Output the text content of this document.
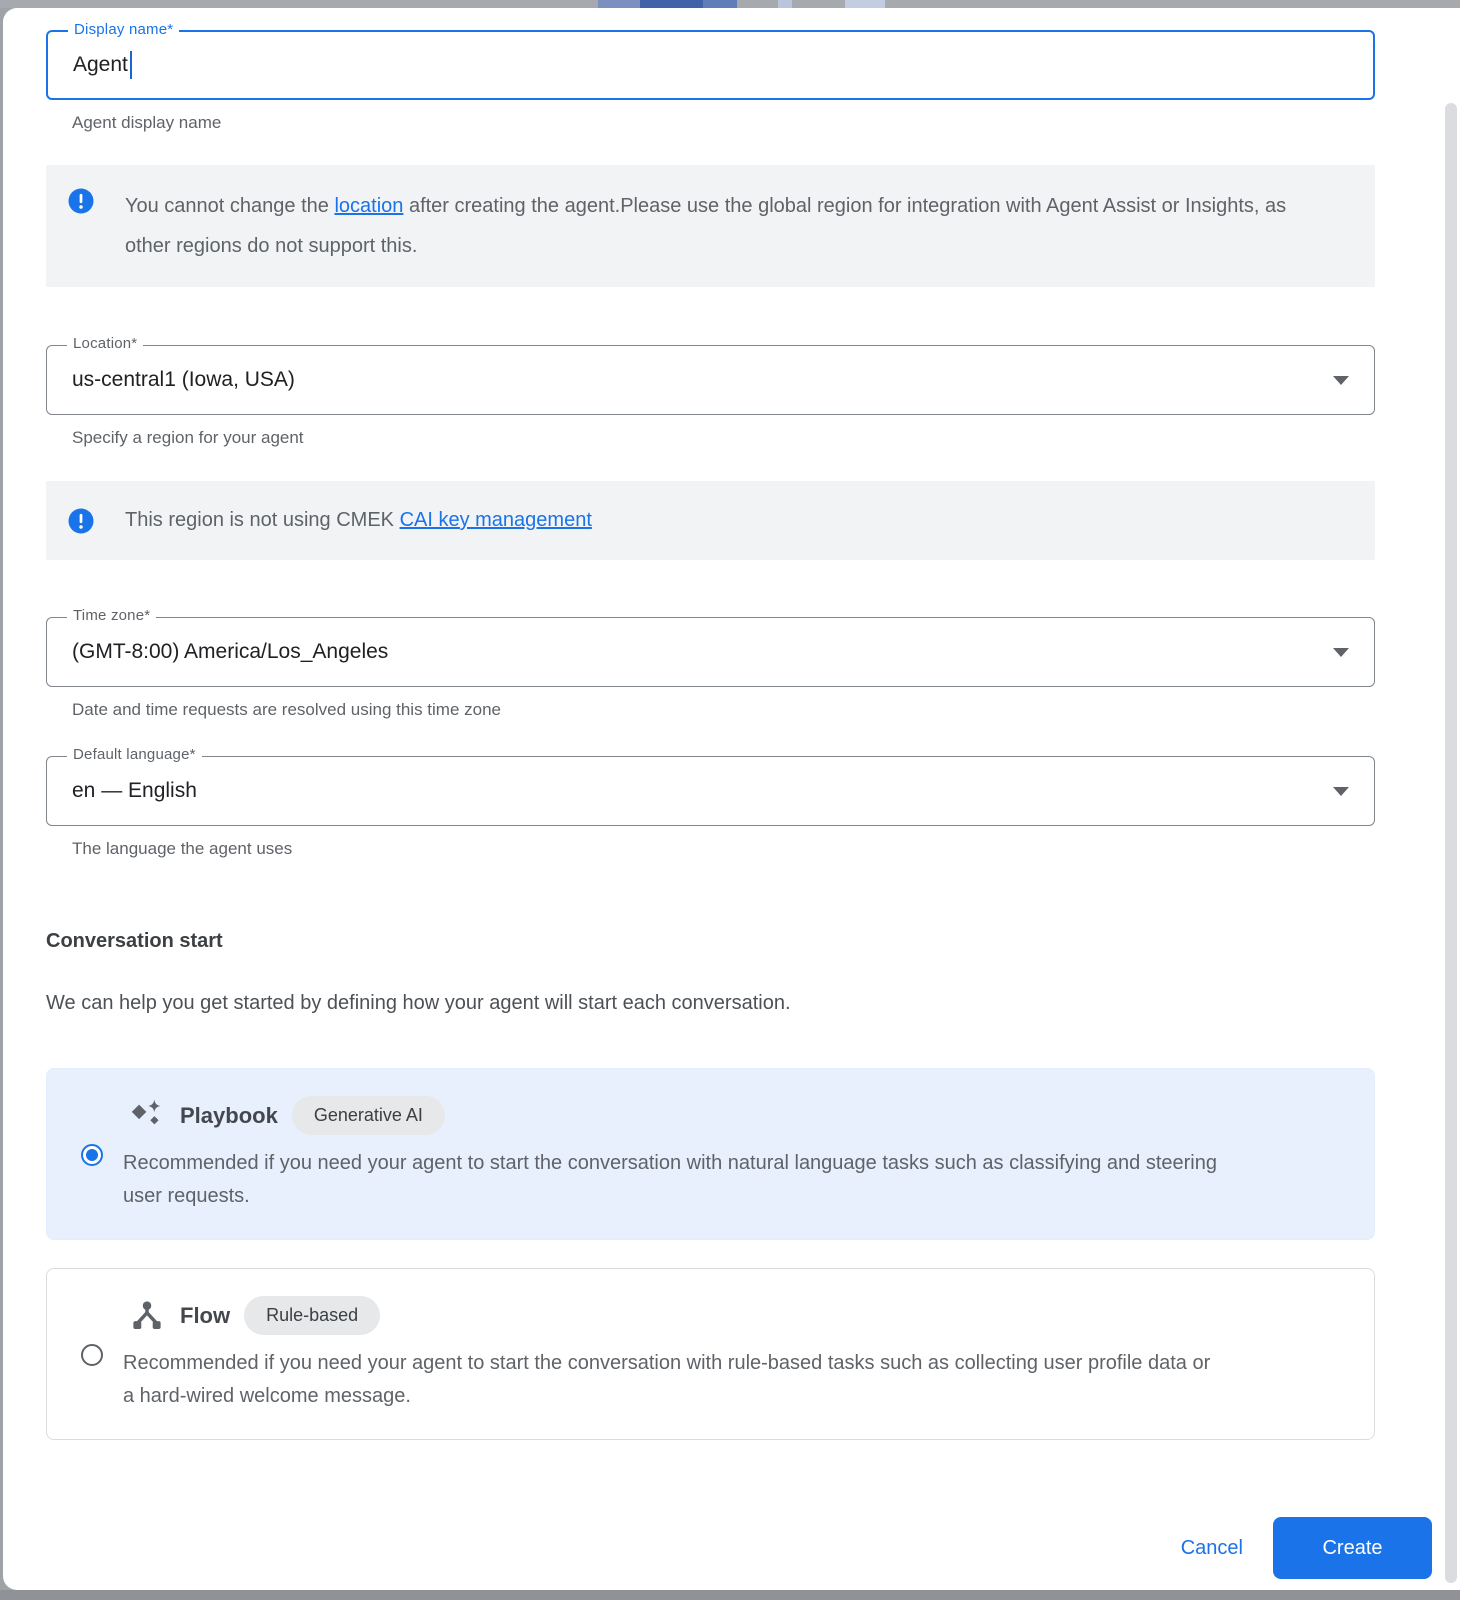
Display name*
Agent
Agent display name
You cannot change the location after creating the agent.Please use the global region for integration with Agent Assist or Insights, as other regions do not support this.
Location*
us-central1 (Iowa, USA)
Specify a region for your agent
This region is not using CMEK CAI key management
Time zone*
(GMT-8:00) America/Los_Angeles
Date and time requests are resolved using this time zone
Default language*
en — English
The language the agent uses
Conversation start
We can help you get started by defining how your agent will start each conversation.
Playbook	Generative AI
Recommended if you need your agent to start the conversation with natural language tasks such as classifying and steering user requests.
Flow	Rule-based
Recommended if you need your agent to start the conversation with rule-based tasks such as collecting user profile data or a hard-wired welcome message.
Cancel	Create
